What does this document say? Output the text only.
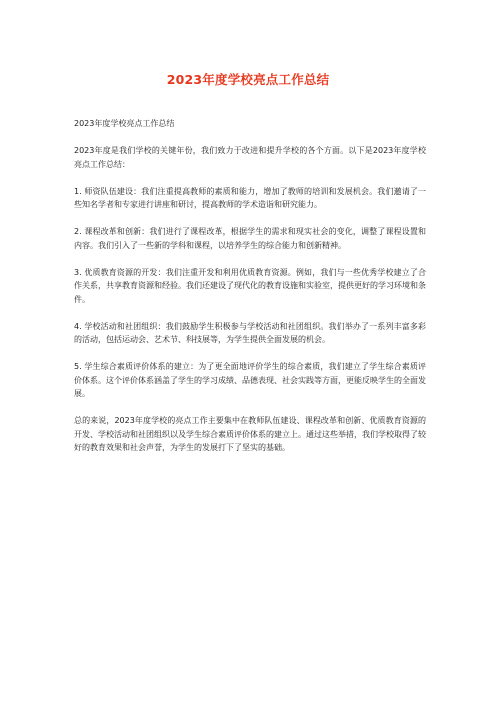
2023年度学校亮点工作总结

2023年度学校亮点工作总结

2023年度是我们学校的关键年份，我们致力于改进和提升学校的各个方面。以下是2023年度学校亮点工作总结：

1. 师资队伍建设：我们注重提高教师的素质和能力，增加了教师的培训和发展机会。我们邀请了一些知名学者和专家进行讲座和研讨，提高教师的学术造诣和研究能力。

2. 课程改革和创新：我们进行了课程改革，根据学生的需求和现实社会的变化，调整了课程设置和内容。我们引入了一些新的学科和课程，以培养学生的综合能力和创新精神。

3. 优质教育资源的开发：我们注重开发和利用优质教育资源。例如，我们与一些优秀学校建立了合作关系，共享教育资源和经验。我们还建设了现代化的教育设施和实验室，提供更好的学习环境和条件。

4. 学校活动和社团组织：我们鼓励学生积极参与学校活动和社团组织。我们举办了一系列丰富多彩的活动，包括运动会、艺术节、科技展等，为学生提供全面发展的机会。

5. 学生综合素质评价体系的建立：为了更全面地评价学生的综合素质，我们建立了学生综合素质评价体系。这个评价体系涵盖了学生的学习成绩、品德表现、社会实践等方面，更能反映学生的全面发展。

总的来说，2023年度学校的亮点工作主要集中在教师队伍建设、课程改革和创新、优质教育资源的开发、学校活动和社团组织以及学生综合素质评价体系的建立上。通过这些举措，我们学校取得了较好的教育效果和社会声誉，为学生的发展打下了坚实的基础。
